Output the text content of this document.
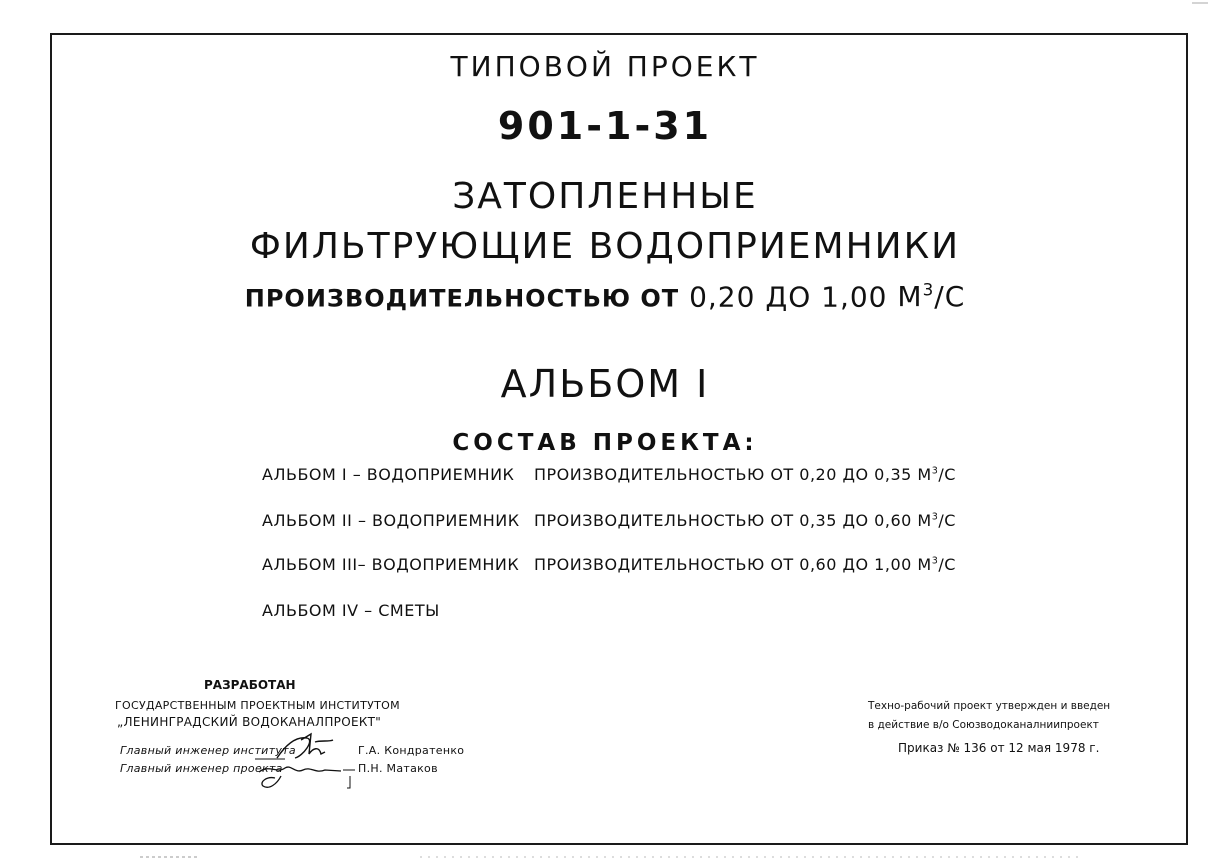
ТИПОВОЙ ПРОЕКТ
901-1-31
ЗАТОПЛЕННЫЕ
ФИЛЬТРУЮЩИЕ ВОДОПРИЕМНИКИ
ПРОИЗВОДИТЕЛЬНОСТЬЮ ОТ 0,20 ДО 1,00 $М^3/С$
АЛЬБОМ I
СОСТАВ ПРОЕКТА:
АЛЬБОМ I – ВОДОПРИЕМНИК ПРОИЗВОДИТЕЛЬНОСТЬЮ ОТ 0,20 ДО 0,35 $М^3/С$
АЛЬБОМ II – ВОДОПРИЕМНИК ПРОИЗВОДИТЕЛЬНОСТЬЮ ОТ 0,35 ДО 0,60 $М^3/С$
АЛЬБОМ III– ВОДОПРИЕМНИК ПРОИЗВОДИТЕЛЬНОСТЬЮ ОТ 0,60 ДО 1,00 $М^3/С$
АЛЬБОМ IV – СМЕТЫ
РАЗРАБОТАН
ГОСУДАРСТВЕННЫМ ПРОЕКТНЫМ ИНСТИТУТОМ
„ЛЕНИНГРАДСКИЙ ВОДОКАНАЛПРОЕКТ"
Главный инженер института	Г.А. Кондратенко
Главный инженер проекта	П.Н. Матаков
Техно-рабочий проект утвержден и введен
в действие в/о Союзводоканалниипроект
Приказ № 136 от 12 мая 1978 г.
